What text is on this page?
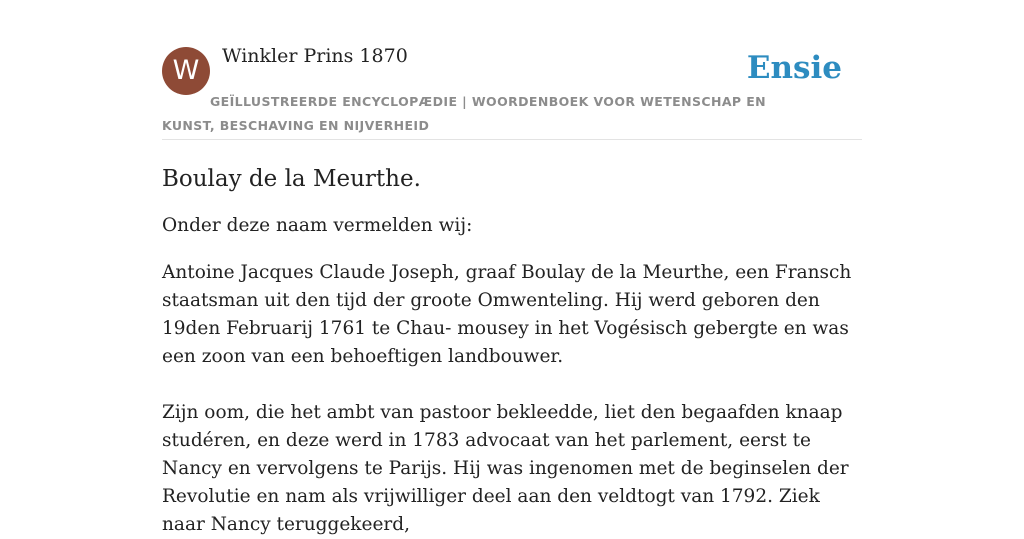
W	Winkler Prins 1870
GEÏLLUSTREERDE ENCYCLOPÆDIE | WOORDENBOEK VOOR WETENSCHAP EN KUNST, BESCHAVING EN NIJVERHEID
Ensie
Boulay de la Meurthe.

Onder deze naam vermelden wij:

Antoine Jacques Claude Joseph, graaf Boulay de la Meurthe, een Fransch staatsman uit den tijd der groote Omwenteling. Hij werd geboren den 19den Februarij 1761 te Chau- mousey in het Vogésisch gebergte en was een zoon van een behoeftigen landbouwer.

Zijn oom, die het ambt van pastoor bekleedde, liet den begaafden knaap studéren, en deze werd in 1783 advocaat van het parlement, eerst te Nancy en vervolgens te Parijs. Hij was ingenomen met de beginselen der Revolutie en nam als vrijwilliger deel aan den veldtogt van 1792. Ziek naar Nancy teruggekeerd,
